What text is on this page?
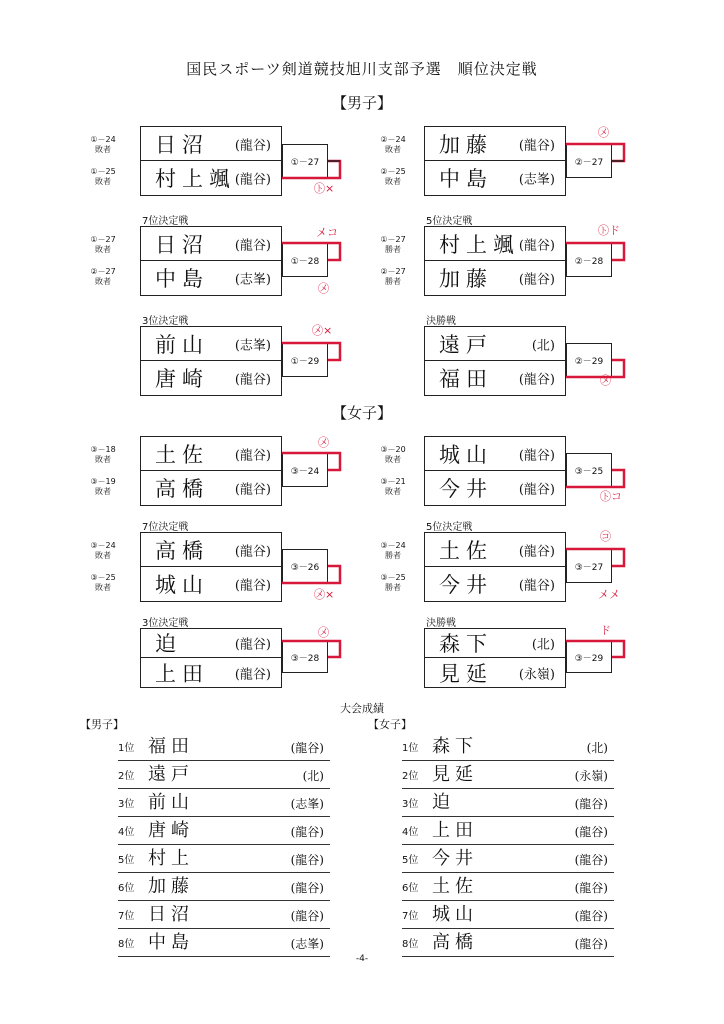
国民スポーツ剣道競技旭川支部予選　順位決定戦
【男子】
①－24
敗者
①－25
敗者
日沼 (龍谷)
村上颯
(龍谷)
①－27
㋣×
②－24
敗者
②－25
敗者
加藤 (龍谷)
中島 (志峯)
②－27
㋱
7位決定戦
①－27
敗者
②－27
敗者
日沼 (龍谷)
中島 (志峯)
①－28
メコ
㋱
5位決定戦
①－27
勝者
②－27
勝者
村上颯
(龍谷)
加藤 (龍谷)
②－28
㋣ド
3位決定戦
前山 (志峯)
唐崎 (龍谷)
①－29
㋱×
決勝戦
遠戸	(北)
福田 (龍谷)
②－29
㋱
【女子】
③－18
敗者
③－19
敗者
土佐 (龍谷)
高橋 (龍谷)
③－24
㋱
③－20
敗者
③－21
敗者
城山 (龍谷)
今井 (龍谷)
③－25
㋣コ
7位決定戦
③－24
敗者
③－25
敗者
高橋 (龍谷)
城山 (龍谷)
③－26
㋱×
5位決定戦
③－24
勝者
③－25
勝者
土佐 (龍谷)
今井 (龍谷)
③－27
㋙
メメ
3位決定戦
迫	(龍谷)
上田 (龍谷)
③－28
㋱
決勝戦
森下	(北)
見延 (永嶺)
③－29
ド
大会成績
【男子】	【女子】
1位 福田	(龍谷)
2位 遠戸	(北)
3位 前山	(志峯)
4位 唐崎	(龍谷)
5位 村上	(龍谷)
6位 加藤	(龍谷)
7位 日沼	(龍谷)
8位 中島	(志峯)
1位 森下	(北)
2位 見延	(永嶺)
3位 迫	(龍谷)
4位 上田	(龍谷)
5位 今井	(龍谷)
6位 土佐	(龍谷)
7位 城山	(龍谷)
8位 高橋	(龍谷)
-4-
